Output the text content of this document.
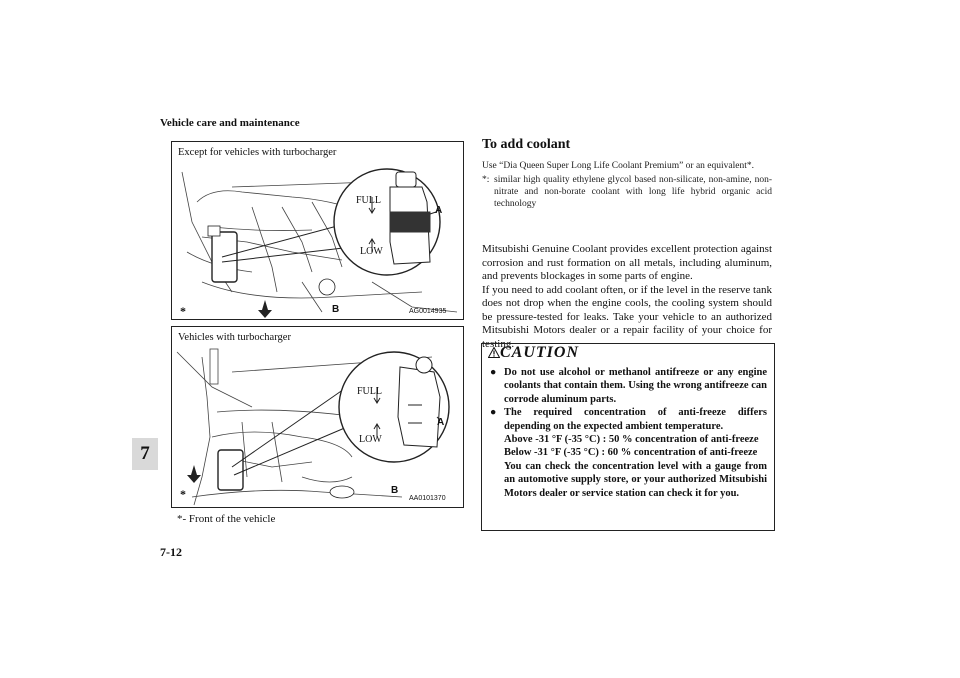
Vehicle care and maintenance
7
7-12
Except for vehicles with turbocharger
FULL
LOW
A
B
*	AG0014935
Vehicles with turbocharger
FULL
LOW
A
B
*	AA0101370
*- Front of the vehicle
To add coolant

Use “Dia Queen Super Long Life Coolant Premium” or an equivalent*.

*: similar high quality ethylene glycol based non-silicate, non-amine, non-nitrate and non-borate coolant with long life hybrid organic acid technology

Mitsubishi Genuine Coolant provides excellent protection against corrosion and rust formation on all metals, including aluminum, and prevents blockages in some parts of engine.

If you need to add coolant often, or if the level in the reserve tank does not drop when the engine cools, the cooling system should be pressure-tested for leaks. Take your vehicle to an authorized Mitsubishi Motors dealer or a repair facility of your choice for testing.

CAUTION
● Do not use alcohol or methanol antifreeze or any engine coolants that contain them. Using the wrong antifreeze can corrode aluminum parts.

● The required concentration of anti-freeze differs depending on the expected ambient temperature.

Above -31 °F (-35 °C) : 50 % concentration of anti-freeze

Below -31 °F (-35 °C) : 60 % concentration of anti-freeze

You can check the concentration level with a gauge from an automotive supply store, or your authorized Mitsubishi Motors dealer or service station can check it for you.
